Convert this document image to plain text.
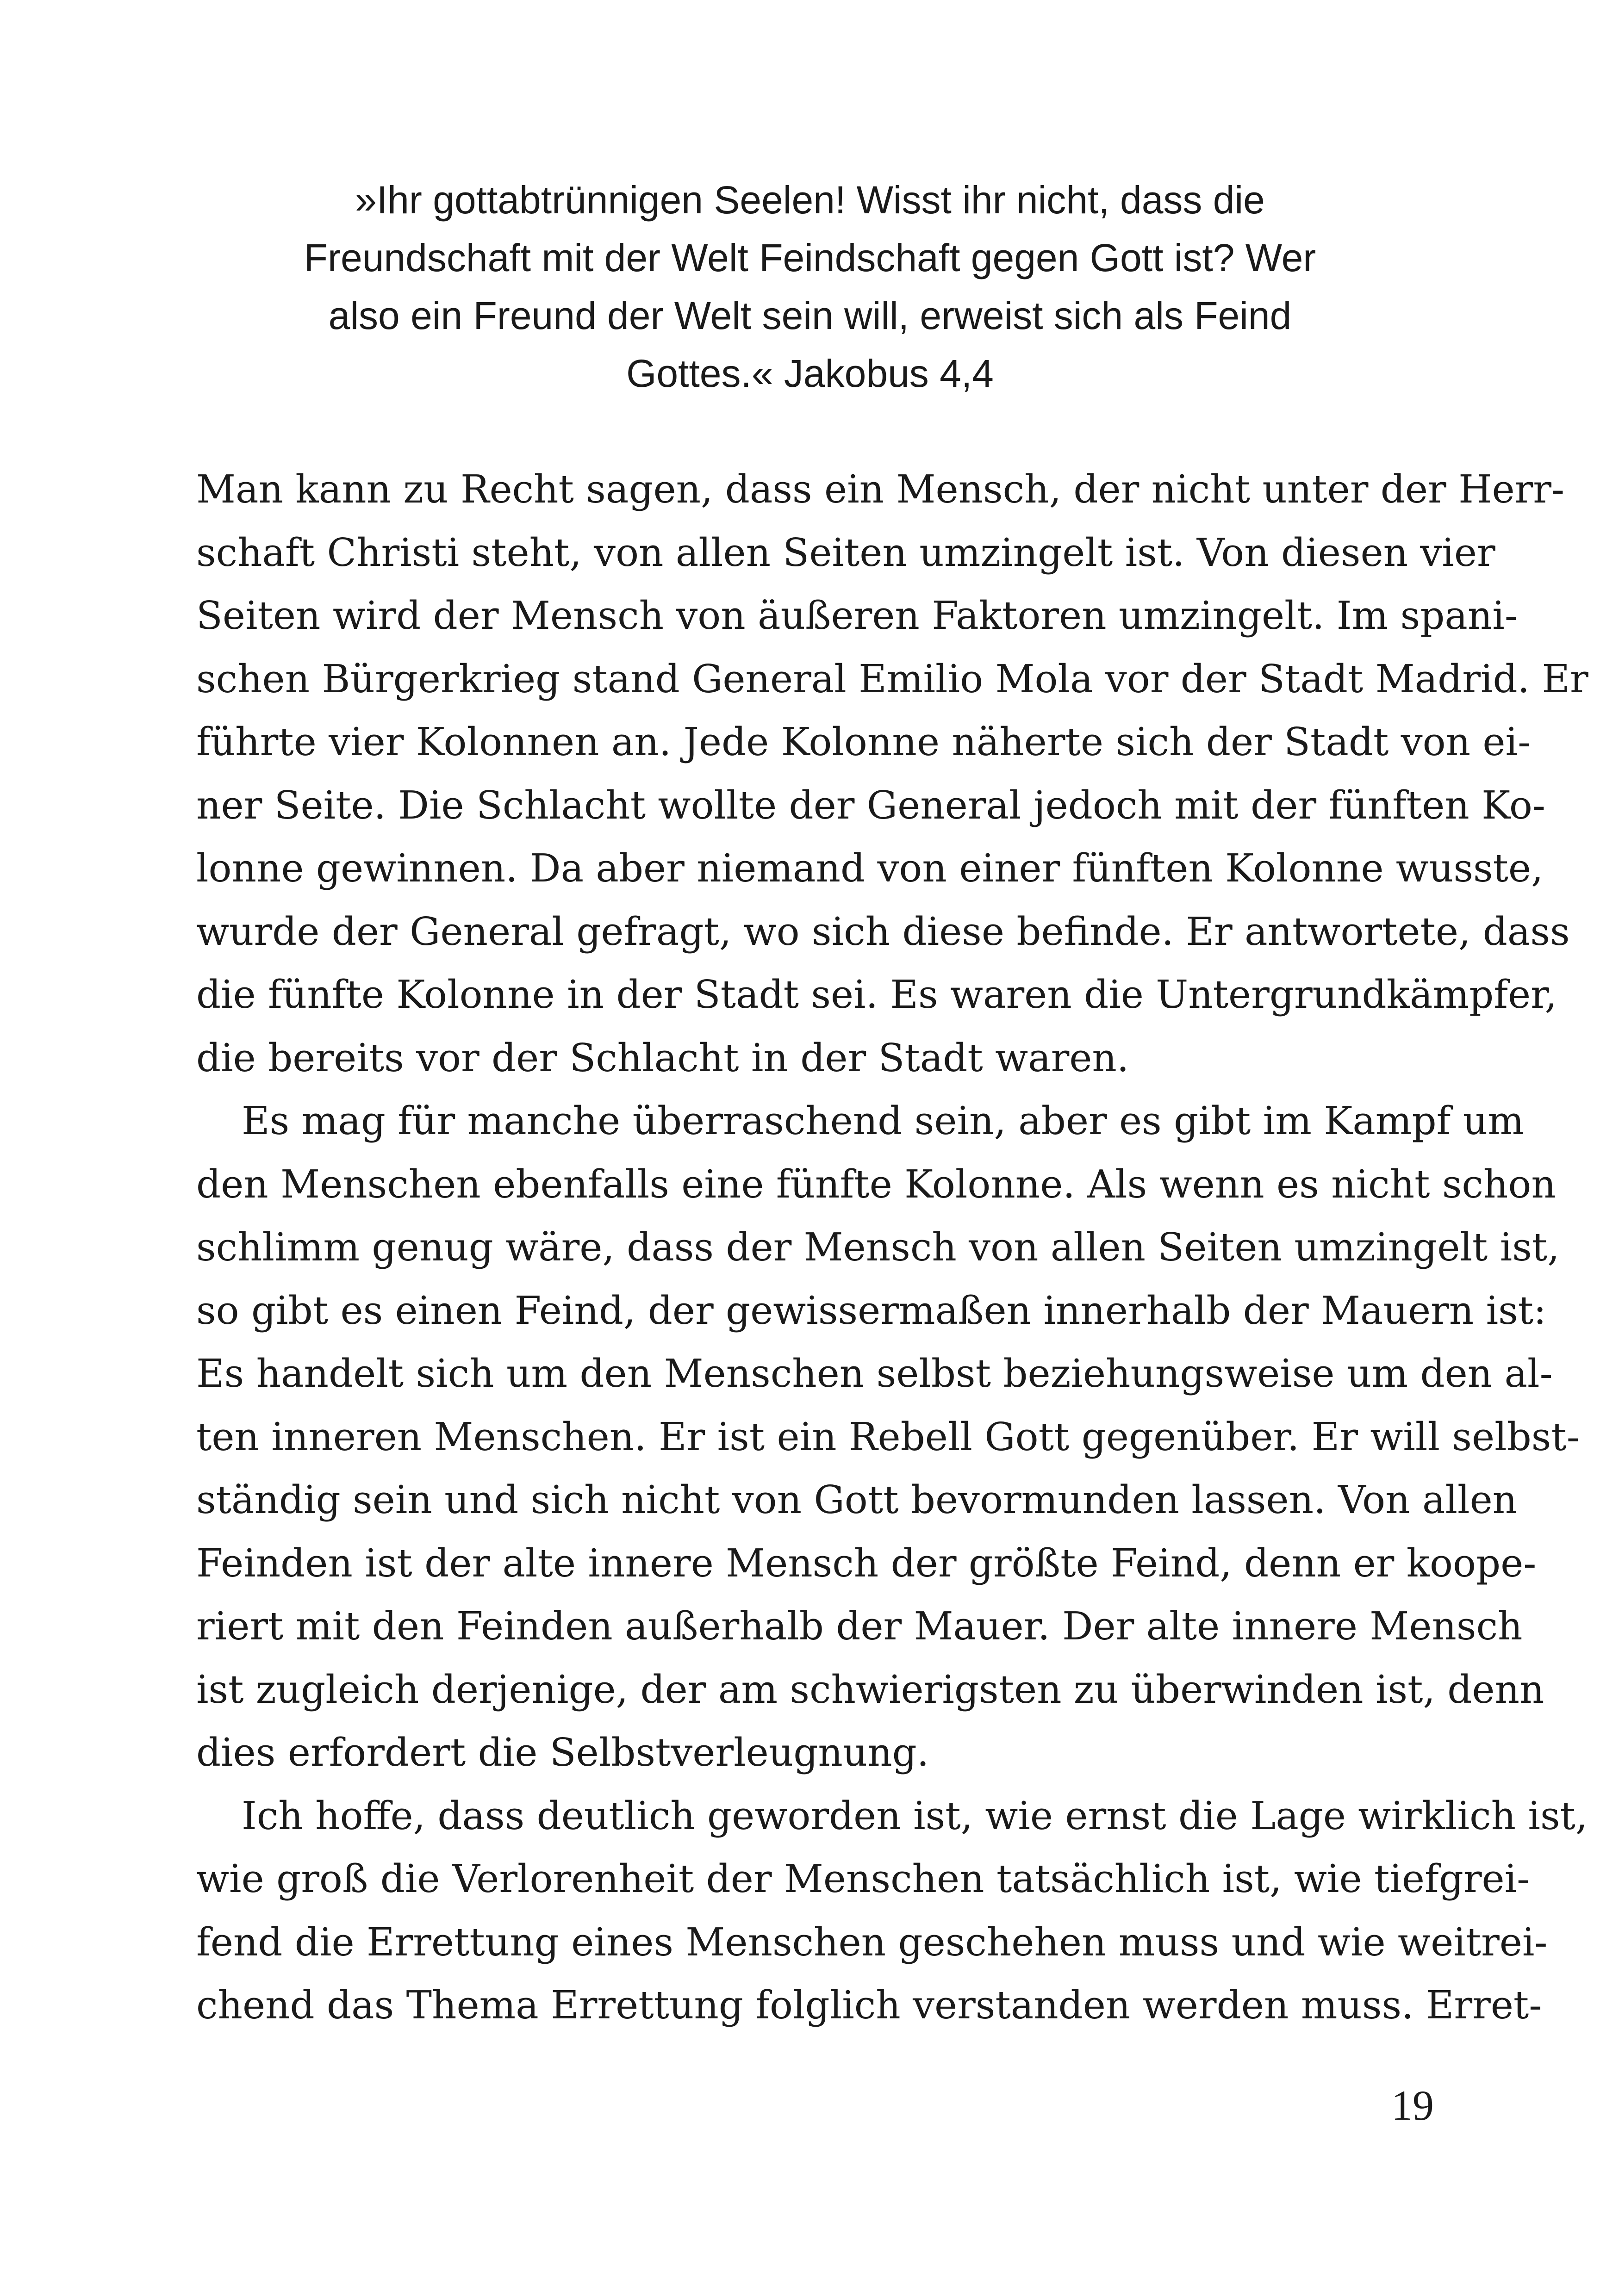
»Ihr gottabtrünnigen Seelen! Wisst ihr nicht, dass die
Freundschaft mit der Welt Feindschaft gegen Gott ist? Wer
also ein Freund der Welt sein will, erweist sich als Feind
Gottes.« Jakobus 4,4
Man kann zu Recht sagen, dass ein Mensch, der nicht unter der Herr-
schaft Christi steht, von allen Seiten umzingelt ist. Von diesen vier
Seiten wird der Mensch von äußeren Faktoren umzingelt. Im spani-
schen Bürgerkrieg stand General Emilio Mola vor der Stadt Madrid. Er
führte vier Kolonnen an. Jede Kolonne näherte sich der Stadt von ei-
ner Seite. Die Schlacht wollte der General jedoch mit der fünften Ko-
lonne gewinnen. Da aber niemand von einer fünften Kolonne wusste,
wurde der General gefragt, wo sich diese befinde. Er antwortete, dass
die fünfte Kolonne in der Stadt sei. Es waren die Untergrundkämpfer,
die bereits vor der Schlacht in der Stadt waren.
Es mag für manche überraschend sein, aber es gibt im Kampf um
den Menschen ebenfalls eine fünfte Kolonne. Als wenn es nicht schon
schlimm genug wäre, dass der Mensch von allen Seiten umzingelt ist,
so gibt es einen Feind, der gewissermaßen innerhalb der Mauern ist:
Es handelt sich um den Menschen selbst beziehungsweise um den al-
ten inneren Menschen. Er ist ein Rebell Gott gegenüber. Er will selbst-
ständig sein und sich nicht von Gott bevormunden lassen. Von allen
Feinden ist der alte innere Mensch der größte Feind, denn er koope-
riert mit den Feinden außerhalb der Mauer. Der alte innere Mensch
ist zugleich derjenige, der am schwierigsten zu überwinden ist, denn
dies erfordert die Selbstverleugnung.
Ich hoffe, dass deutlich geworden ist, wie ernst die Lage wirklich ist,
wie groß die Verlorenheit der Menschen tatsächlich ist, wie tiefgrei-
fend die Errettung eines Menschen geschehen muss und wie weitrei-
chend das Thema Errettung folglich verstanden werden muss. Erret-
19
